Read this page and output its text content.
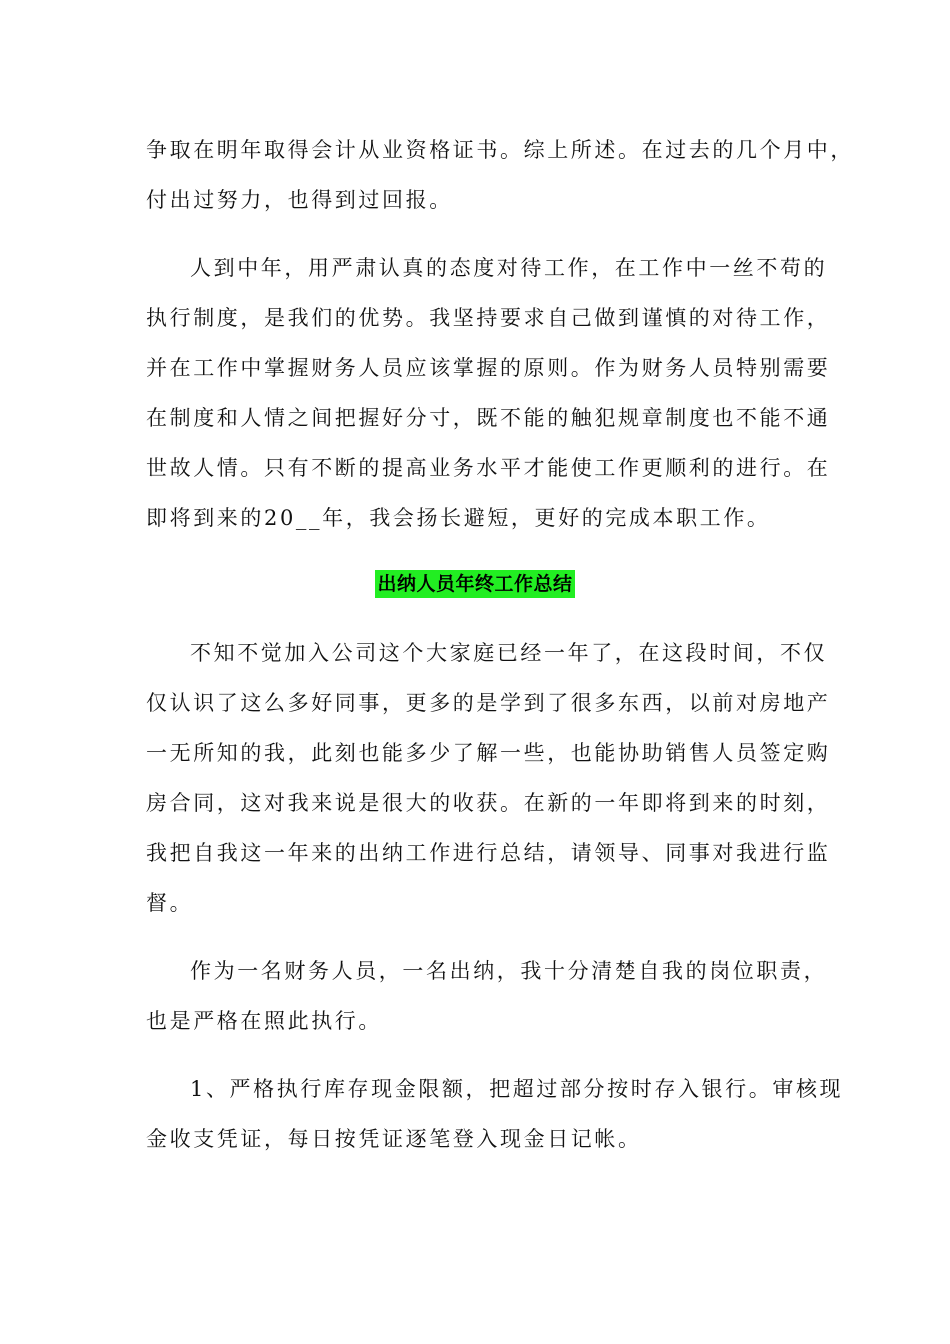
争取在明年取得会计从业资格证书。综上所述。在过去的几个月中，
付出过努力，也得到过回报。
人到中年，用严肃认真的态度对待工作，在工作中一丝不苟的
执行制度，是我们的优势。我坚持要求自己做到谨慎的对待工作，
并在工作中掌握财务人员应该掌握的原则。作为财务人员特别需要
在制度和人情之间把握好分寸，既不能的触犯规章制度也不能不通
世故人情。只有不断的提高业务水平才能使工作更顺利的进行。在
即将到来的20__年，我会扬长避短，更好的完成本职工作。
出纳人员年终工作总结
不知不觉加入公司这个大家庭已经一年了，在这段时间，不仅
仅认识了这么多好同事，更多的是学到了很多东西，以前对房地产
一无所知的我，此刻也能多少了解一些，也能协助销售人员签定购
房合同，这对我来说是很大的收获。在新的一年即将到来的时刻，
我把自我这一年来的出纳工作进行总结，请领导、同事对我进行监
督。
作为一名财务人员，一名出纳，我十分清楚自我的岗位职责，
也是严格在照此执行。
1、严格执行库存现金限额，把超过部分按时存入银行。审核现
金收支凭证，每日按凭证逐笔登入现金日记帐。
